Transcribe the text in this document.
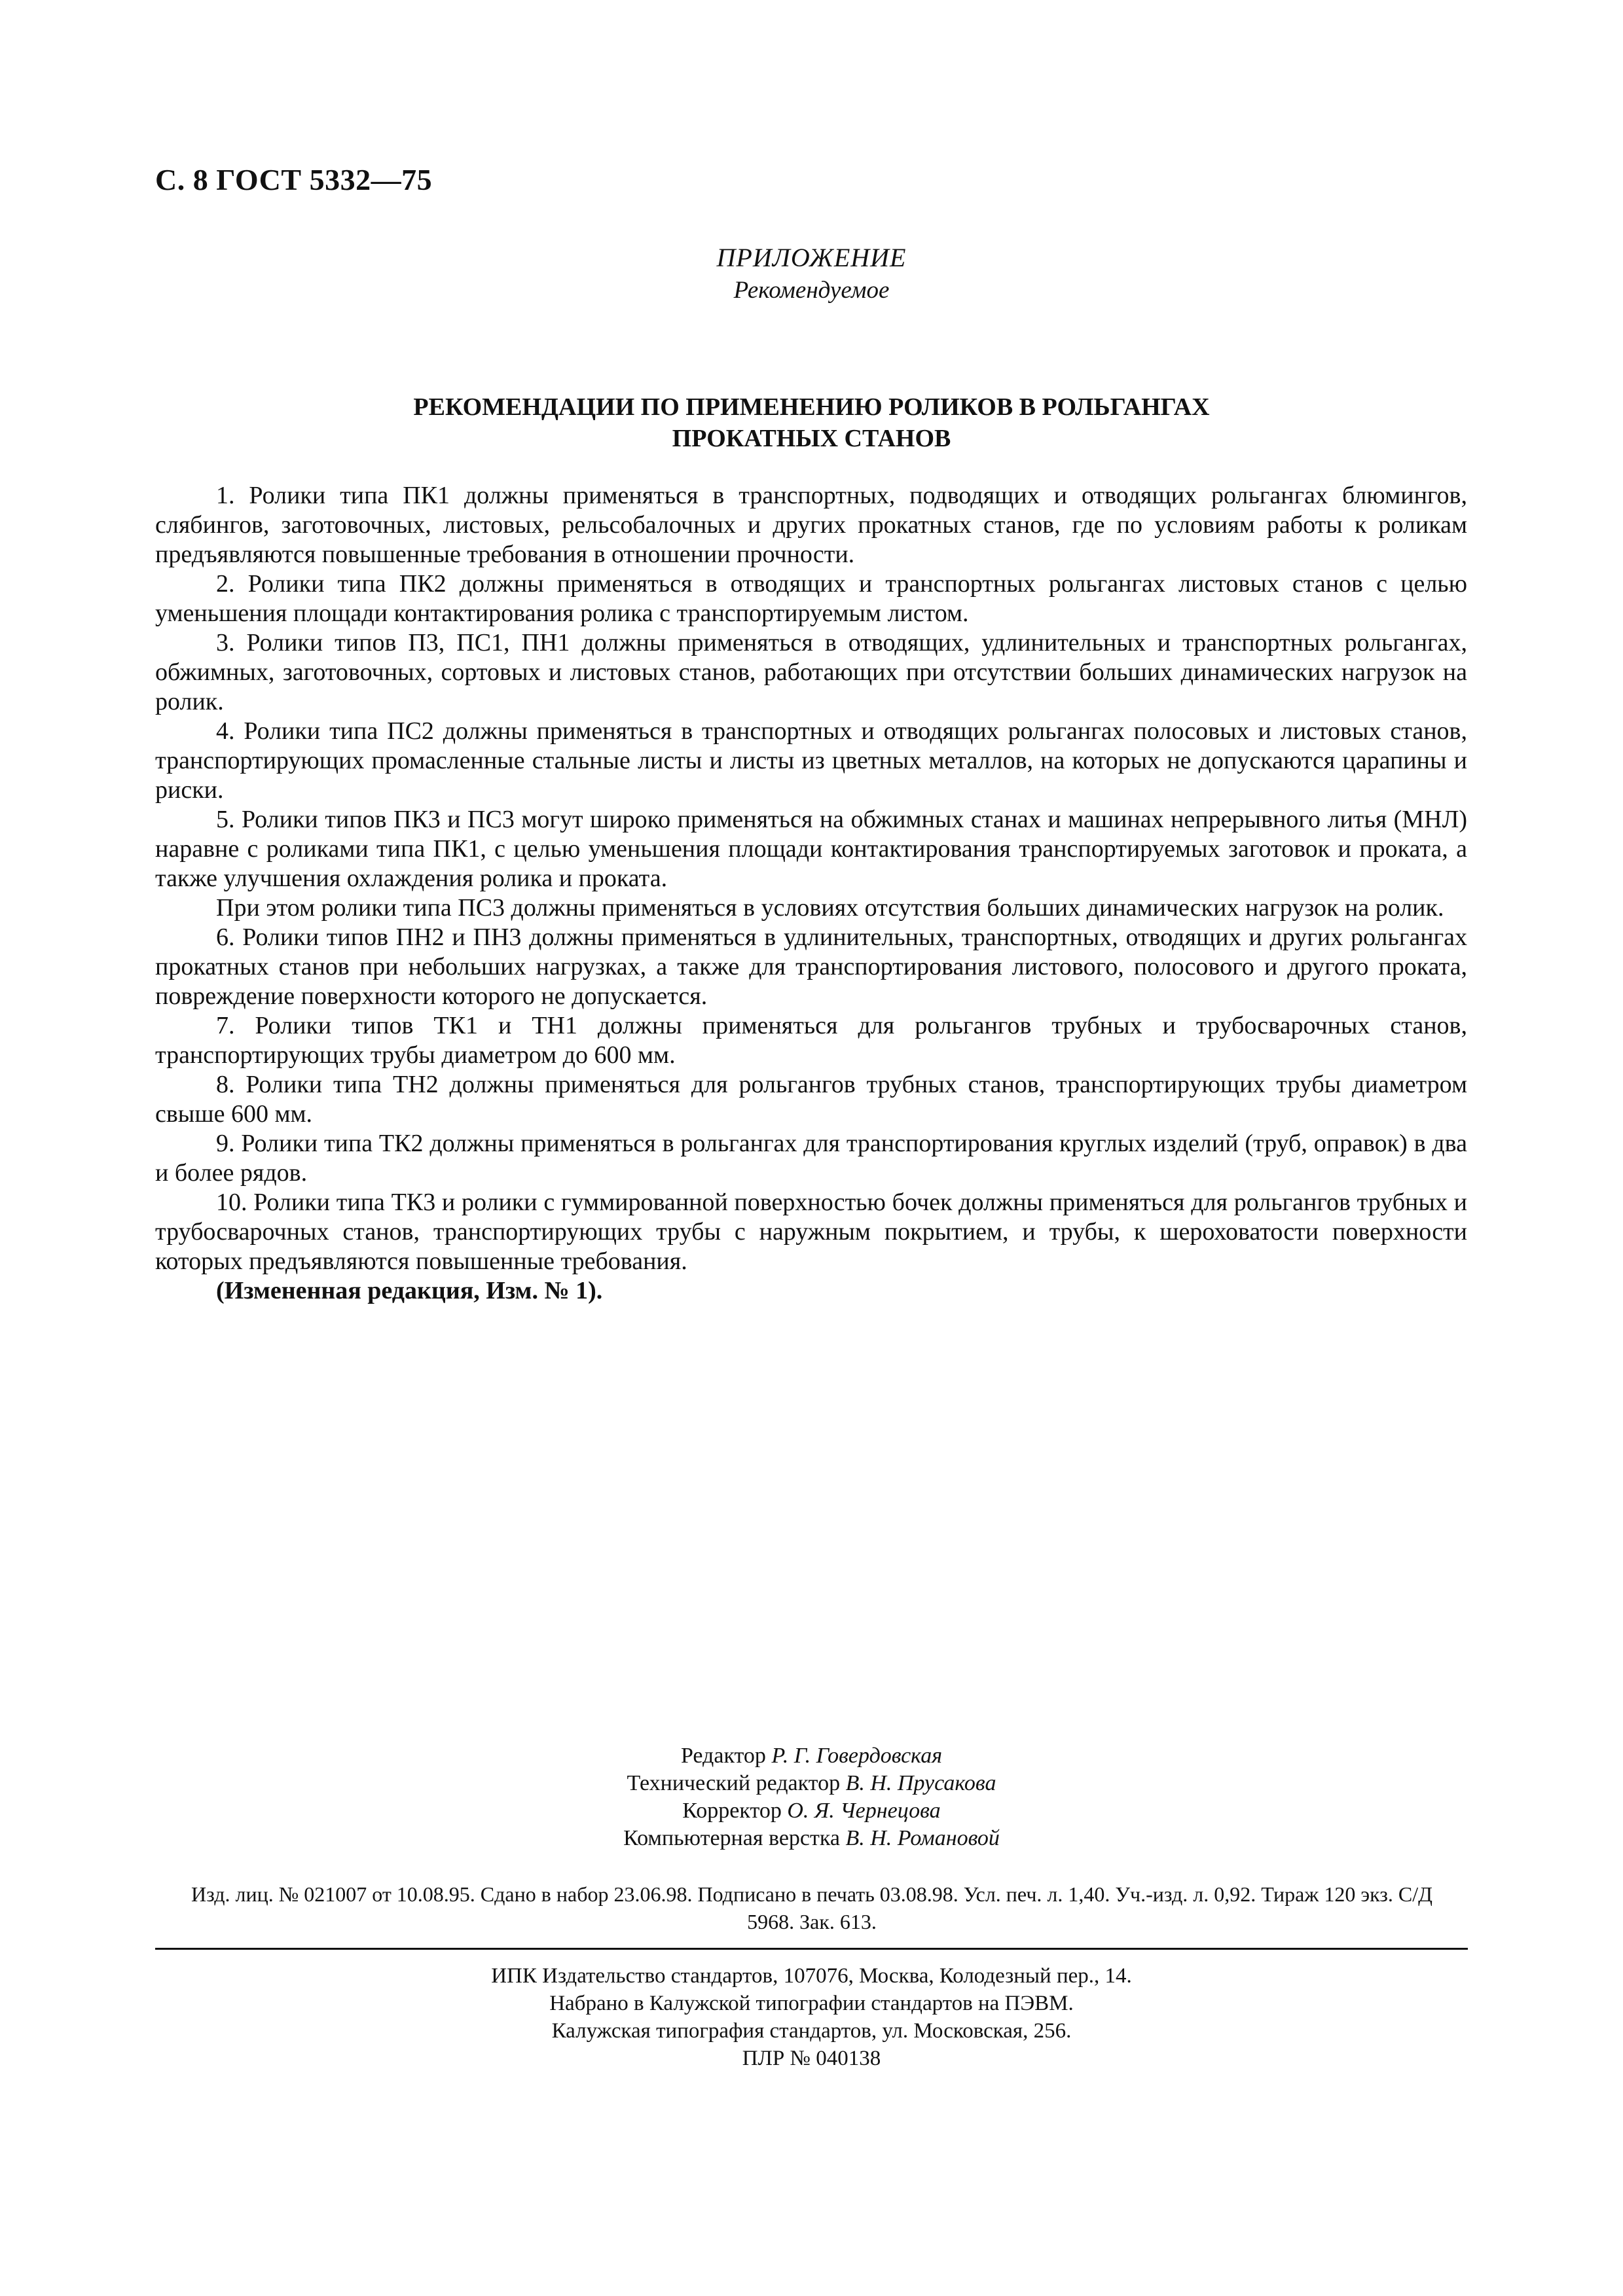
С. 8 ГОСТ 5332—75
ПРИЛОЖЕНИЕ
Рекомендуемое
РЕКОМЕНДАЦИИ ПО ПРИМЕНЕНИЮ РОЛИКОВ В РОЛЬГАНГАХ
ПРОКАТНЫХ СТАНОВ

1. Ролики типа ПК1 должны применяться в транспортных, подводящих и отводящих рольгангах блюмингов, слябингов, заготовочных, листовых, рельсобалочных и других прокатных станов, где по условиям работы к роликам предъявляются повышенные требования в отношении прочности.

2. Ролики типа ПК2 должны применяться в отводящих и транспортных рольгангах листовых станов с целью уменьшения площади контактирования ролика с транспортируемым листом.

3. Ролики типов П3, ПС1, ПН1 должны применяться в отводящих, удлинительных и транспортных рольгангах, обжимных, заготовочных, сортовых и листовых станов, работающих при отсутствии больших динамических нагрузок на ролик.

4. Ролики типа ПС2 должны применяться в транспортных и отводящих рольгангах полосовых и листовых станов, транспортирующих промасленные стальные листы и листы из цветных металлов, на которых не допускаются царапины и риски.

5. Ролики типов ПК3 и ПС3 могут широко применяться на обжимных станах и машинах непрерывного литья (МНЛ) наравне с роликами типа ПК1, с целью уменьшения площади контактирования транспортируемых заготовок и проката, а также улучшения охлаждения ролика и проката.

При этом ролики типа ПС3 должны применяться в условиях отсутствия больших динамических нагрузок на ролик.

6. Ролики типов ПН2 и ПН3 должны применяться в удлинительных, транспортных, отводящих и других рольгангах прокатных станов при небольших нагрузках, а также для транспортирования листового, полосового и другого проката, повреждение поверхности которого не допускается.

7. Ролики типов ТК1 и ТН1 должны применяться для рольгангов трубных и трубосварочных станов, транспортирующих трубы диаметром до 600 мм.

8. Ролики типа ТН2 должны применяться для рольгангов трубных станов, транспортирующих трубы диаметром свыше 600 мм.

9. Ролики типа ТК2 должны применяться в рольгангах для транспортирования круглых изделий (труб, оправок) в два и более рядов.

10. Ролики типа ТК3 и ролики с гуммированной поверхностью бочек должны применяться для рольгангов трубных и трубосварочных станов, транспортирующих трубы с наружным покрытием, и трубы, к шероховатости поверхности которых предъявляются повышенные требования.

(Измененная редакция, Изм. № 1).

Редактор Р. Г. Говердовская
Технический редактор В. Н. Прусакова
Корректор О. Я. Чернецова
Компьютерная верстка В. Н. Романовой
Изд. лиц. № 021007 от 10.08.95. Сдано в набор 23.06.98. Подписано в печать 03.08.98. Усл. печ. л. 1,40. Уч.-изд. л. 0,92. Тираж 120 экз. С/Д 5968. Зак. 613.
ИПК Издательство стандартов, 107076, Москва, Колодезный пер., 14.
Набрано в Калужской типографии стандартов на ПЭВМ.
Калужская типография стандартов, ул. Московская, 256.
ПЛР № 040138
